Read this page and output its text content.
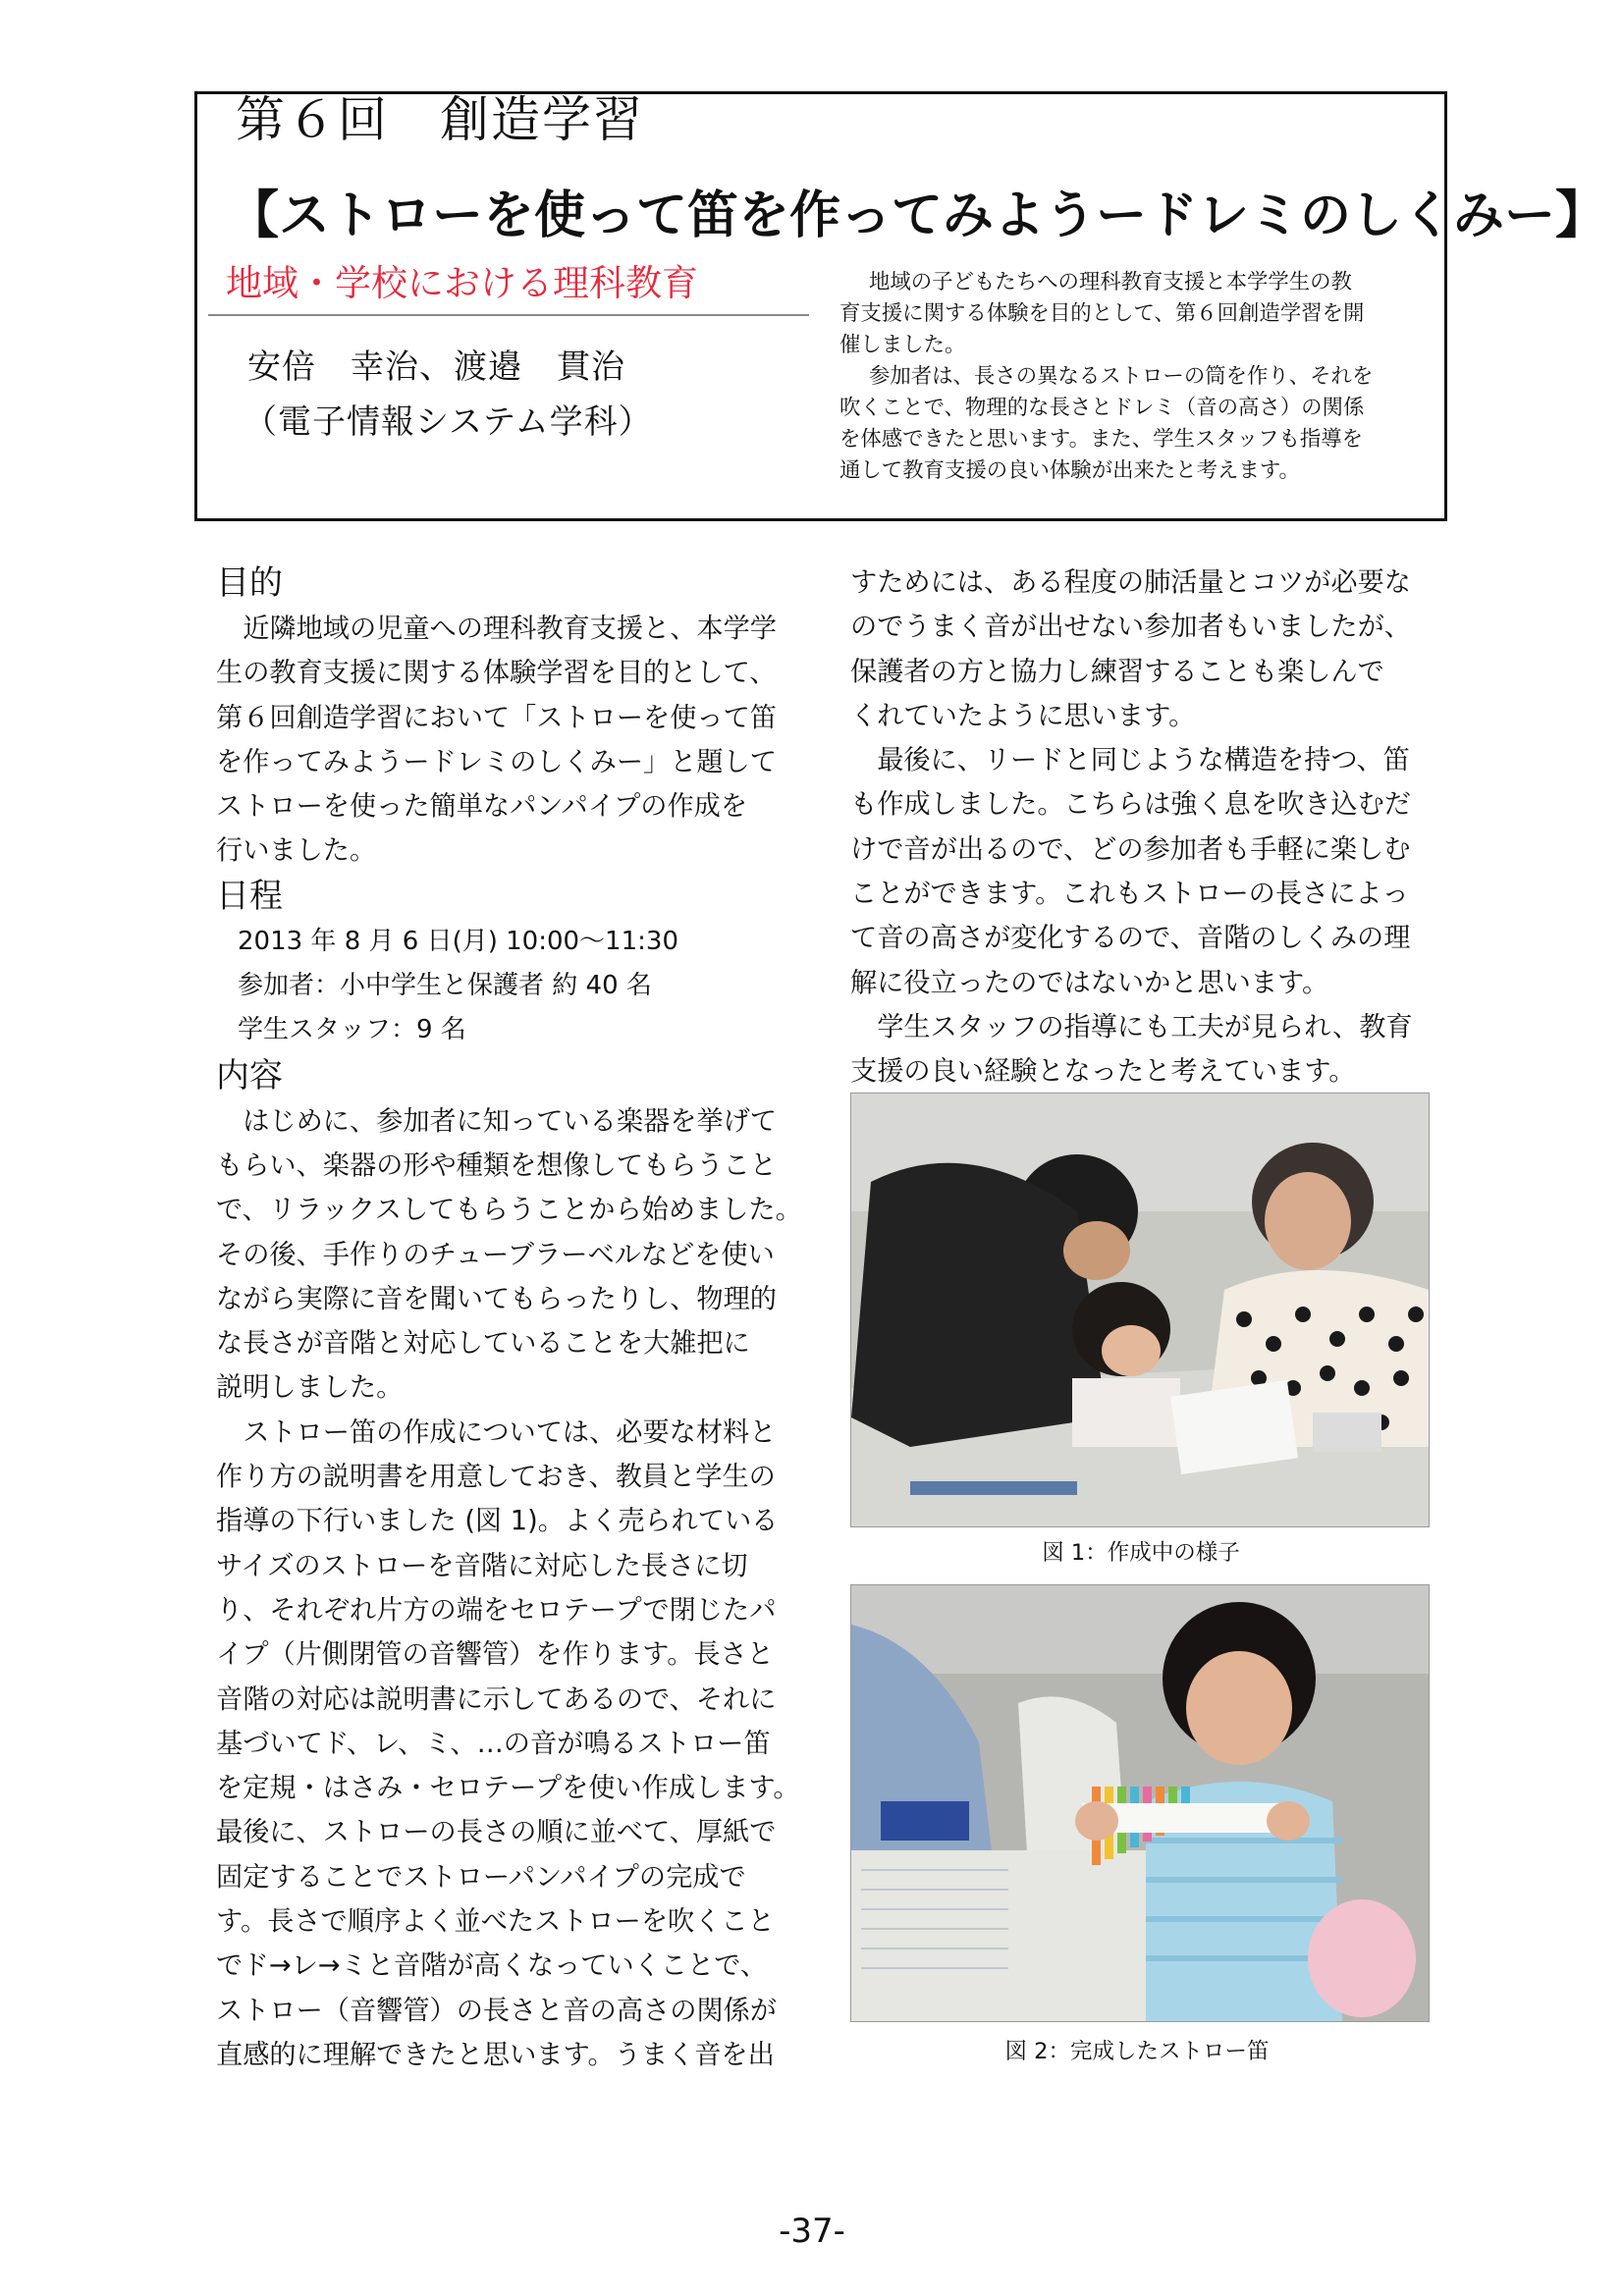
第６回　創造学習
【ストローを使って笛を作ってみようードレミのしくみー】
地域・学校における理科教育
安倍　幸治、渡邉　貫治
（電子情報システム学科）

地域の子どもたちへの理科教育支援と本学学生の教

育支援に関する体験を目的として、第６回創造学習を開

催しました。

参加者は、長さの異なるストローの筒を作り、それを

吹くことで、物理的な長さとドレミ（音の高さ）の関係

を体感できたと思います。また、学生スタッフも指導を

通して教育支援の良い体験が出来たと考えます。

目的

近隣地域の児童への理科教育支援と、本学学

生の教育支援に関する体験学習を目的として、

第６回創造学習において「ストローを使って笛

を作ってみようードレミのしくみー」と題して

ストローを使った簡単なパンパイプの作成を

行いました。

日程

2013 年 8 月 6 日(月) 10:00～11:30

参加者：小中学生と保護者 約 40 名

学生スタッフ：9 名

内容

はじめに、参加者に知っている楽器を挙げて

もらい、楽器の形や種類を想像してもらうこと

で、リラックスしてもらうことから始めました。

その後、手作りのチューブラーベルなどを使い

ながら実際に音を聞いてもらったりし、物理的

な長さが音階と対応していることを大雑把に

説明しました。

ストロー笛の作成については、必要な材料と

作り方の説明書を用意しておき、教員と学生の

指導の下行いました (図 1)。よく売られている

サイズのストローを音階に対応した長さに切

り、それぞれ片方の端をセロテープで閉じたパ

イプ（片側閉管の音響管）を作ります。長さと

音階の対応は説明書に示してあるので、それに

基づいてド、レ、ミ、…の音が鳴るストロー笛

を定規・はさみ・セロテープを使い作成します。

最後に、ストローの長さの順に並べて、厚紙で

固定することでストローパンパイプの完成で

す。長さで順序よく並べたストローを吹くこと

でド→レ→ミと音階が高くなっていくことで、

ストロー（音響管）の長さと音の高さの関係が

直感的に理解できたと思います。うまく音を出

すためには、ある程度の肺活量とコツが必要な

のでうまく音が出せない参加者もいましたが、

保護者の方と協力し練習することも楽しんで

くれていたように思います。

最後に、リードと同じような構造を持つ、笛

も作成しました。こちらは強く息を吹き込むだ

けで音が出るので、どの参加者も手軽に楽しむ

ことができます。これもストローの長さによっ

て音の高さが変化するので、音階のしくみの理

解に役立ったのではないかと思います。

学生スタッフの指導にも工夫が見られ、教育

支援の良い経験となったと考えています。

図 1：作成中の様子
図 2：完成したストロー笛
-37-
